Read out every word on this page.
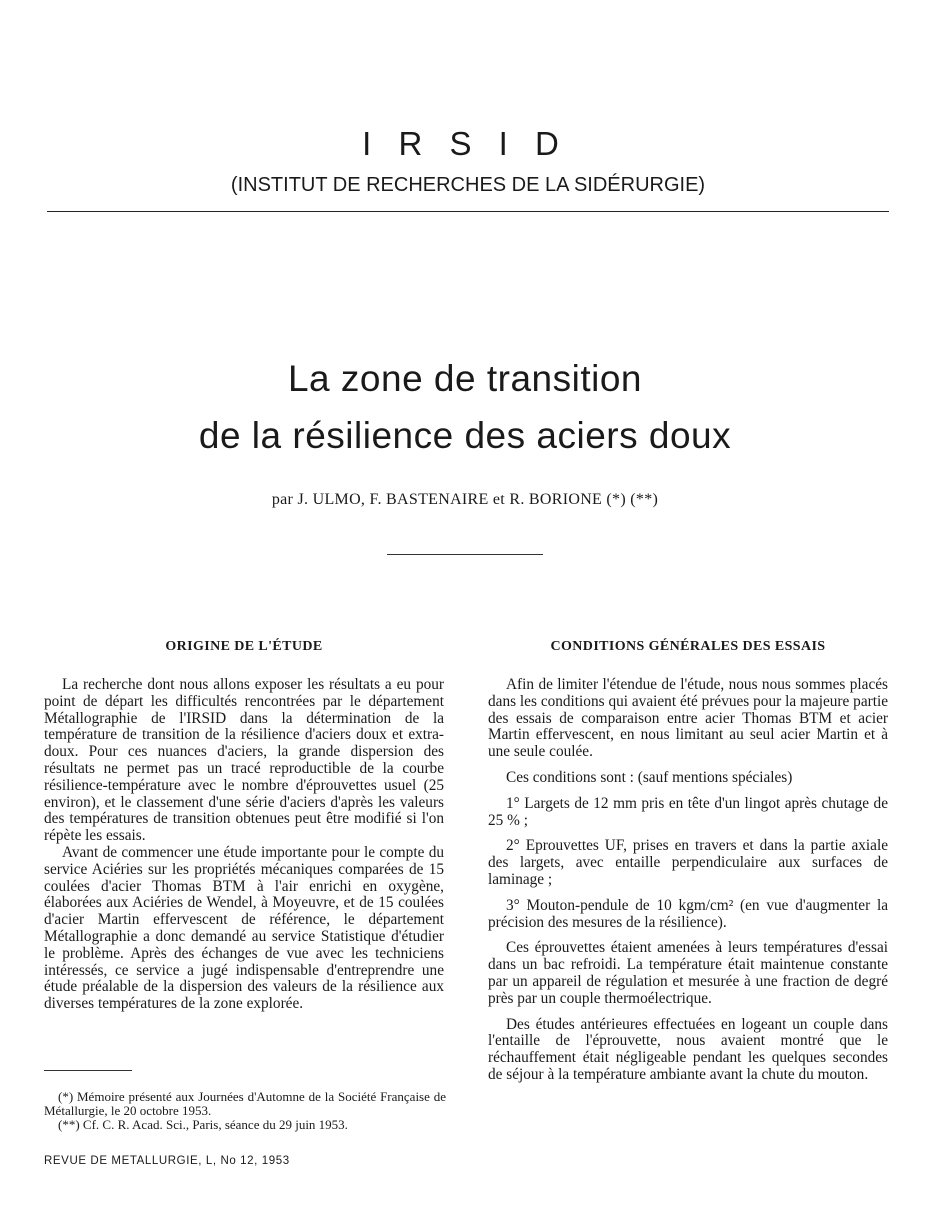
I R S I D
(INSTITUT DE RECHERCHES DE LA SIDÉRURGIE)
La zone de transition
de la résilience des aciers doux
par J. ULMO, F. BASTENAIRE et R. BORIONE (*) (**)
ORIGINE DE L'ÉTUDE

La recherche dont nous allons exposer les résultats a eu pour point de départ les difficultés rencontrées par le département Métallographie de l'IRSID dans la détermination de la température de transition de la résilience d'aciers doux et extra-doux. Pour ces nuances d'aciers, la grande dispersion des résultats ne permet pas un tracé reproductible de la courbe résilience-température avec le nombre d'éprouvettes usuel (25 environ), et le classement d'une série d'aciers d'après les valeurs des températures de transition obtenues peut être modifié si l'on répète les essais.

Avant de commencer une étude importante pour le compte du service Aciéries sur les propriétés mécaniques comparées de 15 coulées d'acier Thomas BTM à l'air enrichi en oxygène, élaborées aux Aciéries de Wendel, à Moyeuvre, et de 15 coulées d'acier Martin effervescent de référence, le département Métallographie a donc demandé au service Statistique d'étudier le problème. Après des échanges de vue avec les techniciens intéressés, ce service a jugé indispensable d'entreprendre une étude préalable de la dispersion des valeurs de la résilience aux diverses températures de la zone explorée.

CONDITIONS GÉNÉRALES DES ESSAIS

Afin de limiter l'étendue de l'étude, nous nous sommes placés dans les conditions qui avaient été prévues pour la majeure partie des essais de comparaison entre acier Thomas BTM et acier Martin effervescent, en nous limitant au seul acier Martin et à une seule coulée.

Ces conditions sont : (sauf mentions spéciales)

1° Largets de 12 mm pris en tête d'un lingot après chutage de 25 % ;

2° Eprouvettes UF, prises en travers et dans la partie axiale des largets, avec entaille perpendiculaire aux surfaces de laminage ;

3° Mouton-pendule de 10 kgm/cm² (en vue d'augmenter la précision des mesures de la résilience).

Ces éprouvettes étaient amenées à leurs températures d'essai dans un bac refroidi. La température était maintenue constante par un appareil de régulation et mesurée à une fraction de degré près par un couple thermoélectrique.

Des études antérieures effectuées en logeant un couple dans l'entaille de l'éprouvette, nous avaient montré que le réchauffement était négligeable pendant les quelques secondes de séjour à la température ambiante avant la chute du mouton.

(*) Mémoire présenté aux Journées d'Automne de la Société Française de Métallurgie, le 20 octobre 1953.

(**) Cf. C. R. Acad. Sci., Paris, séance du 29 juin 1953.

REVUE DE METALLURGIE, L, No 12, 1953
